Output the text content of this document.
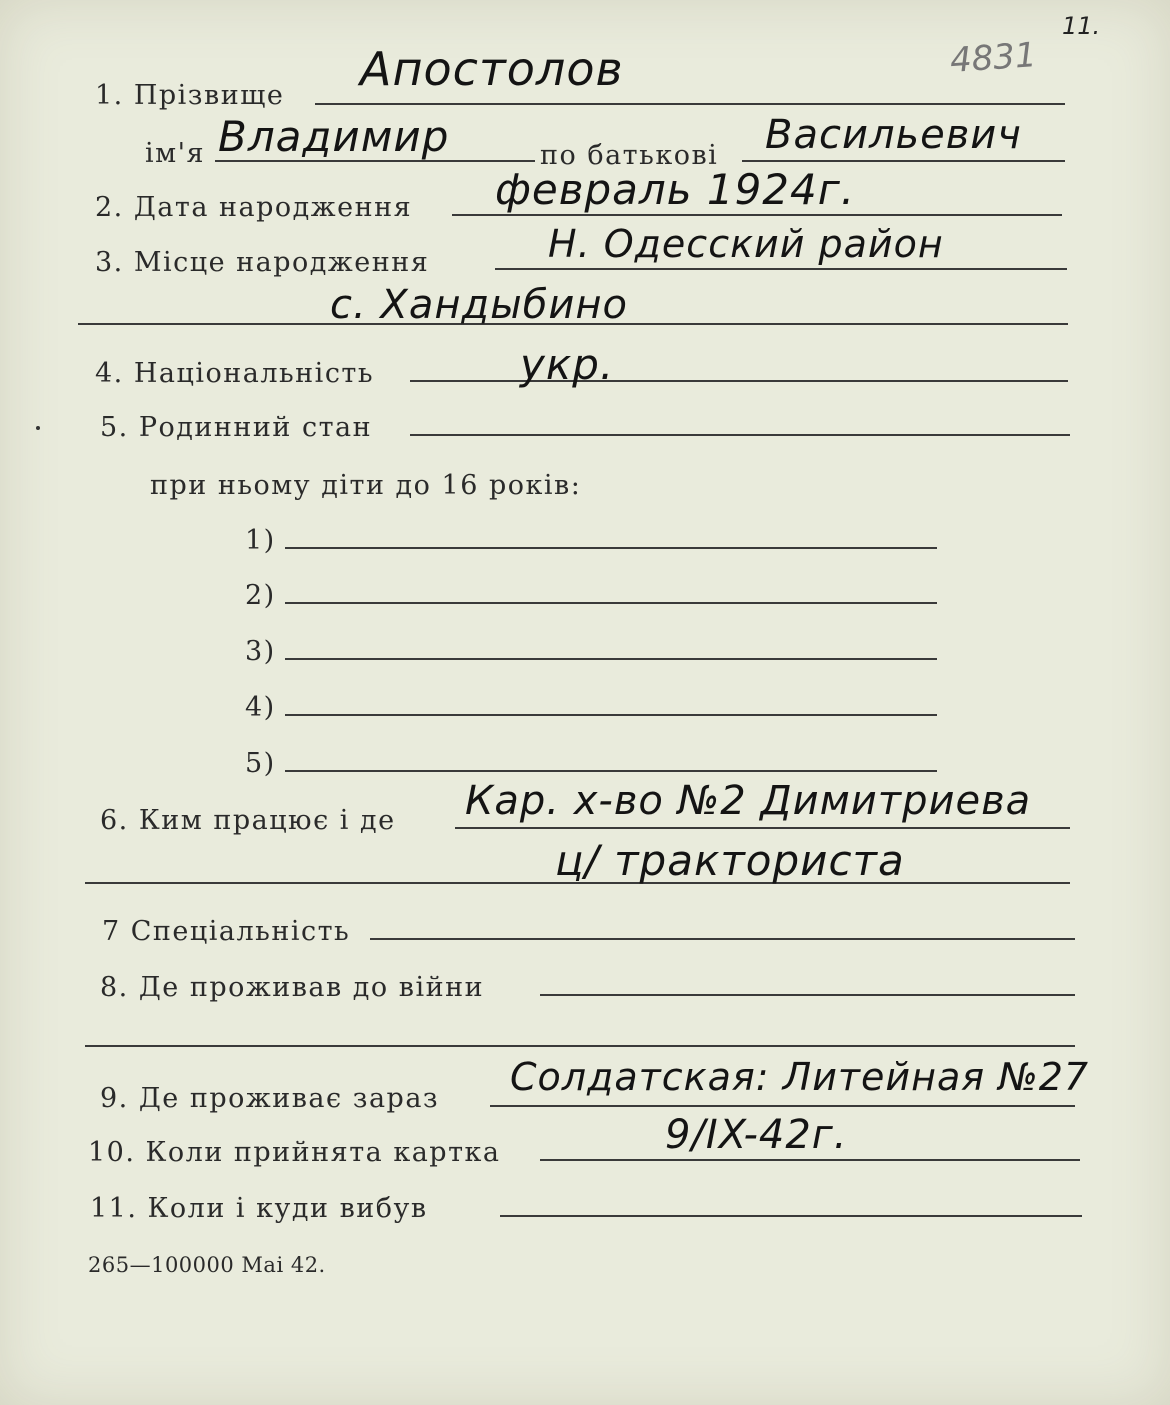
4831
11.
1. Прізвище Апостолов
ім'я Владимир	по батькові Васильевич
2. Дата народження февраль 1924г.
3. Місце народження	Н. Одесский район
с. Хандыбино
4. Національність	укр.
5. Родинний стан
при ньому діти до 16 років:
1)
2)
3)
4)
5)
6. Ким працює і де Кар. х-во №2 Димитриева
ц/ тракториста
7 Спеціальність
8. Де проживав до війни
9. Де проживає зараз Солдатская: Литейная №27
10. Коли прийнята картка	9/IX-42г.
11. Коли і куди вибув
265—100000 Mai 42.
